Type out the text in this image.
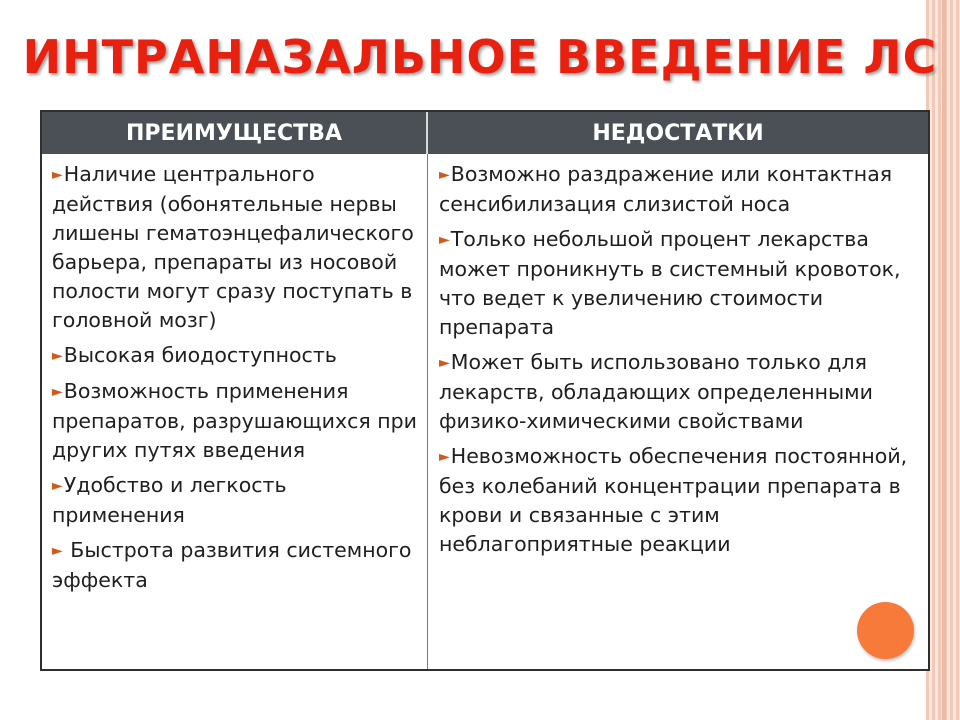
ИНТРАНАЗАЛЬНОЕ ВВЕДЕНИЕ ЛС
ПРЕИМУЩЕСТВА	НЕДОСТАТКИ
►Наличие центрального действия (обонятельные нервы лишены гематоэнцефалического барьера, препараты из носовой полости могут сразу поступать в головной мозг)
►Высокая биодоступность
►Возможность применения препаратов, разрушающихся при других путях введения
►Удобство и легкость применения
► Быстрота развития системного эффекта
►Возможно раздражение или контактная сенсибилизация слизистой носа
►Только небольшой процент лекарства может проникнуть в системный кровоток, что ведет к увеличению стоимости препарата
►Может быть использовано только для лекарств, обладающих определенными физико-химическими свойствами
►Невозможность обеспечения постоянной, без колебаний концентрации препарата в крови и связанные с этим неблагоприятные реакции
